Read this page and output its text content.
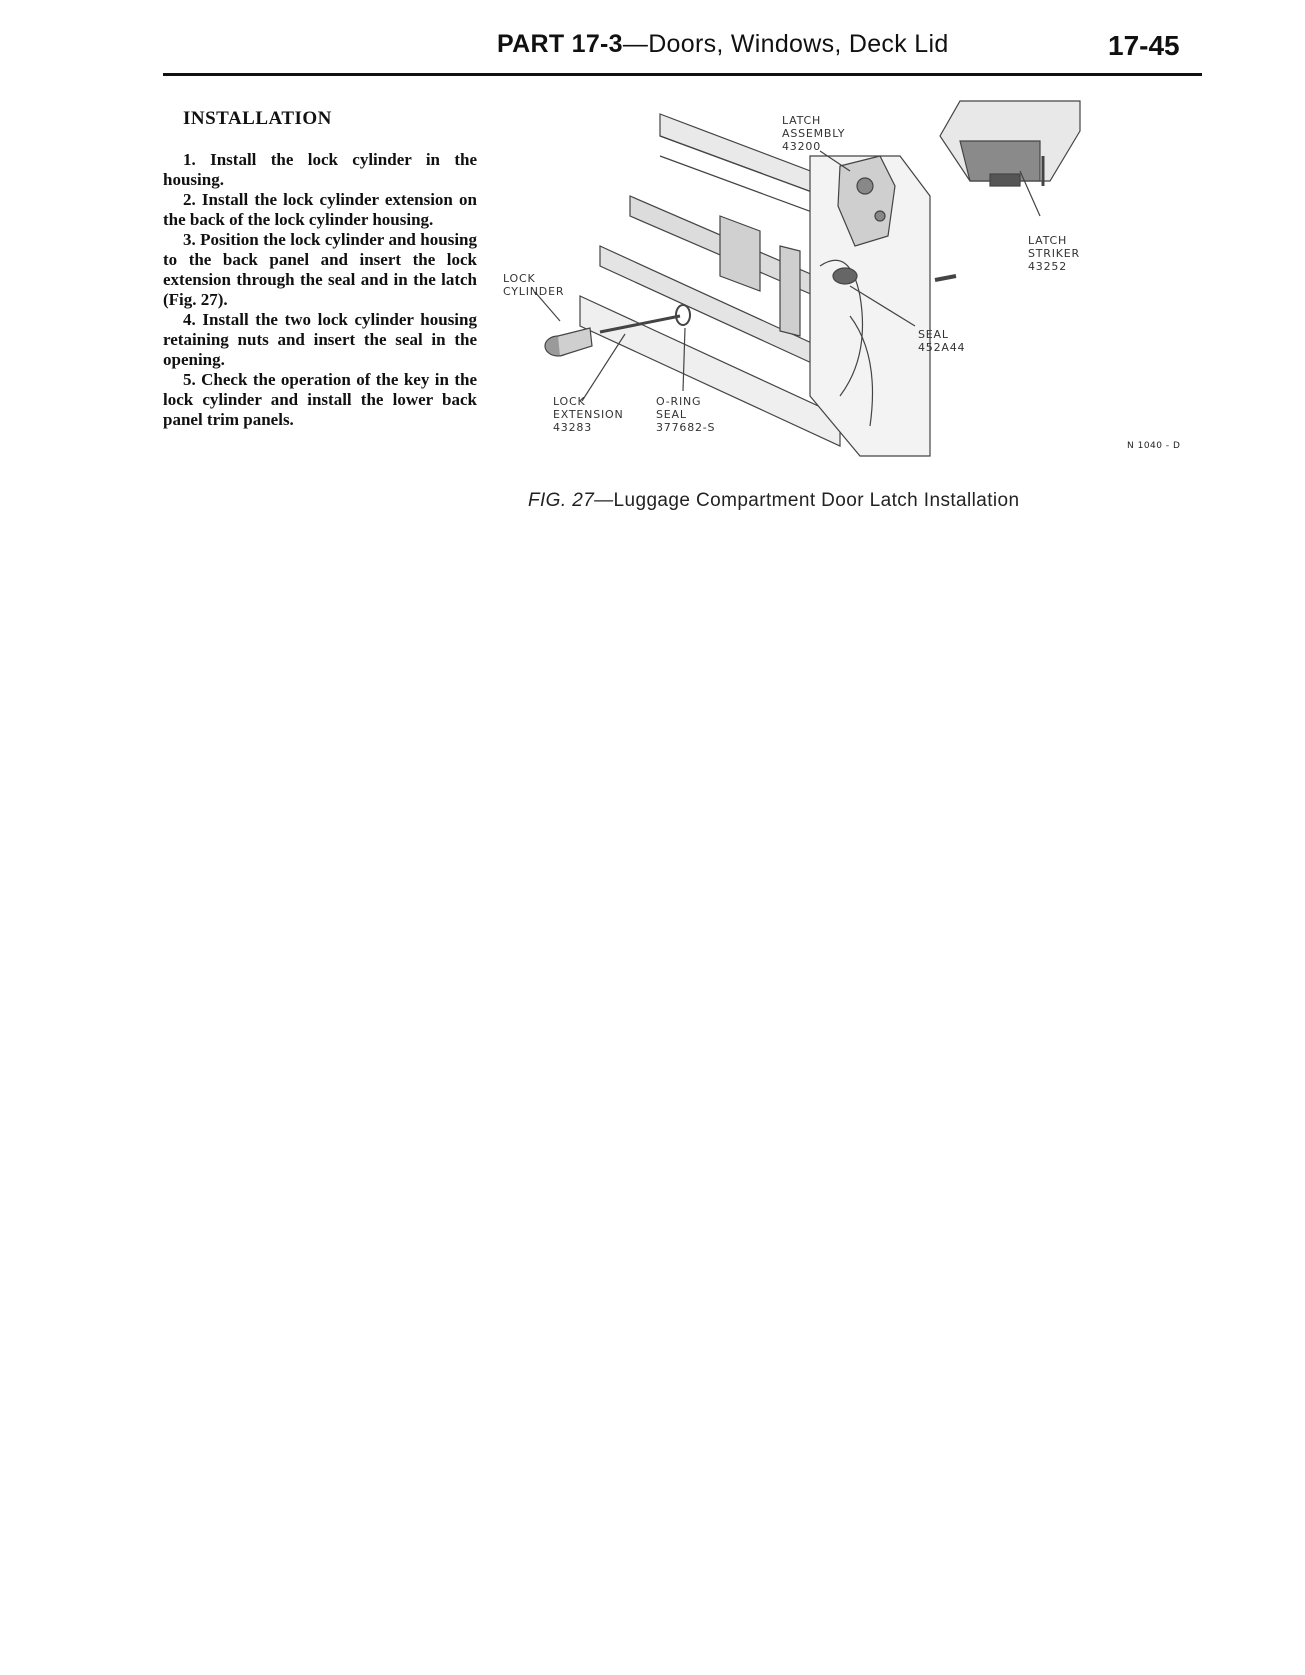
PART 17-3—Doors, Windows, Deck Lid	17-45
INSTALLATION

1. Install the lock cylinder in the housing.

2. Install the lock cylinder extension on the back of the lock cylinder housing.

3. Position the lock cylinder and housing to the back panel and insert the lock extension through the seal and in the latch (Fig. 27).

4. Install the two lock cylinder housing retaining nuts and insert the seal in the opening.

5. Check the operation of the key in the lock cylinder and install the lower back panel trim panels.

LATCH
ASSEMBLY
43200
LATCH
STRIKER
43252
LOCK
CYLINDER
SEAL
452A44
LOCK
EXTENSION
43283
O-RING
SEAL
377682-S
N 1040 - D
FIG. 27—Luggage Compartment Door Latch Installation
